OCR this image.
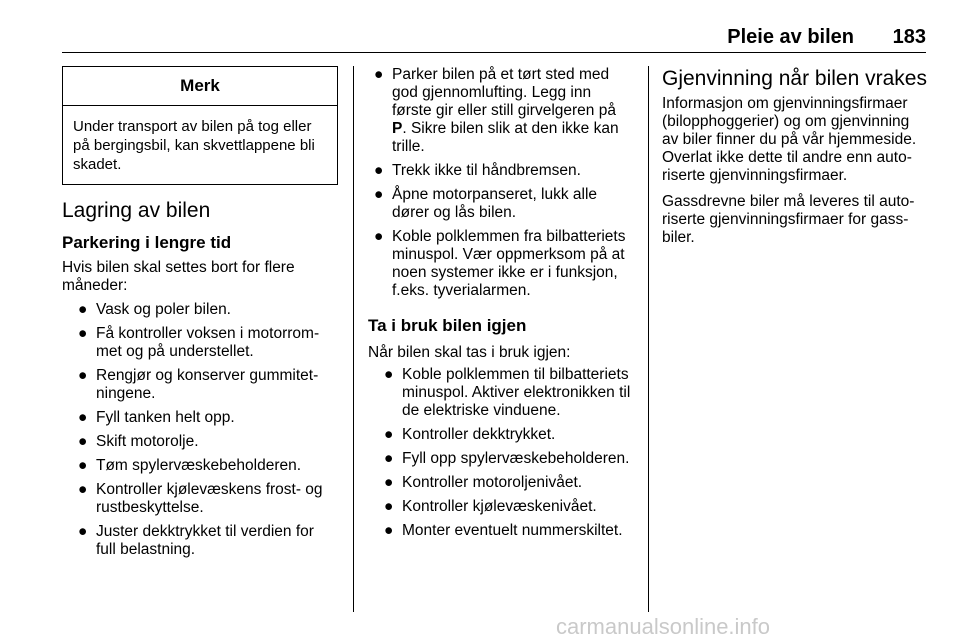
Pleie av bilen 183
Merk
Under transport av bilen på tog eller på bergingsbil, kan skvettlappene bli skadet.
Lagring av bilen
Parkering i lengre tid

Hvis bilen skal settes bort for flere måneder:

● Vask og poler bilen.
● Få kontroller voksen i motorrommet og på understellet.
● Rengjør og konserver gummitetningene.
● Fyll tanken helt opp.
● Skift motorolje.
● Tøm spylervæskebeholderen.
● Kontroller kjølevæskens frost- og rustbeskyttelse.
● Juster dekktrykket til verdien for full belastning.
● Parker bilen på et tørt sted med god gjennomlufting. Legg inn første gir eller still girvelgeren på P. Sikre bilen slik at den ikke kan trille.
● Trekk ikke til håndbremsen.
● Åpne motorpanseret, lukk alle dører og lås bilen.
● Koble polklemmen fra bilbatteriets minuspol. Vær oppmerksom på at noen systemer ikke er i funksjon, f.eks. tyverialarmen.
Ta i bruk bilen igjen

Når bilen skal tas i bruk igjen:

● Koble polklemmen til bilbatteriets minuspol. Aktiver elektronikken til de elektriske vinduene.
● Kontroller dekktrykket.
● Fyll opp spylervæskebeholderen.
● Kontroller motoroljenivået.
● Kontroller kjølevæskenivået.
● Monter eventuelt nummerskiltet.
Gjenvinning når bilen vrakes

Informasjon om gjenvinningsfirmaer (bilopphoggerier) og om gjenvinning av biler finner du på vår hjemmeside. Overlat ikke dette til andre enn autoriserte gjenvinningsfirmaer.

Gassdrevne biler må leveres til autoriserte gjenvinningsfirmaer for gassbiler.

carmanualsonline.info
